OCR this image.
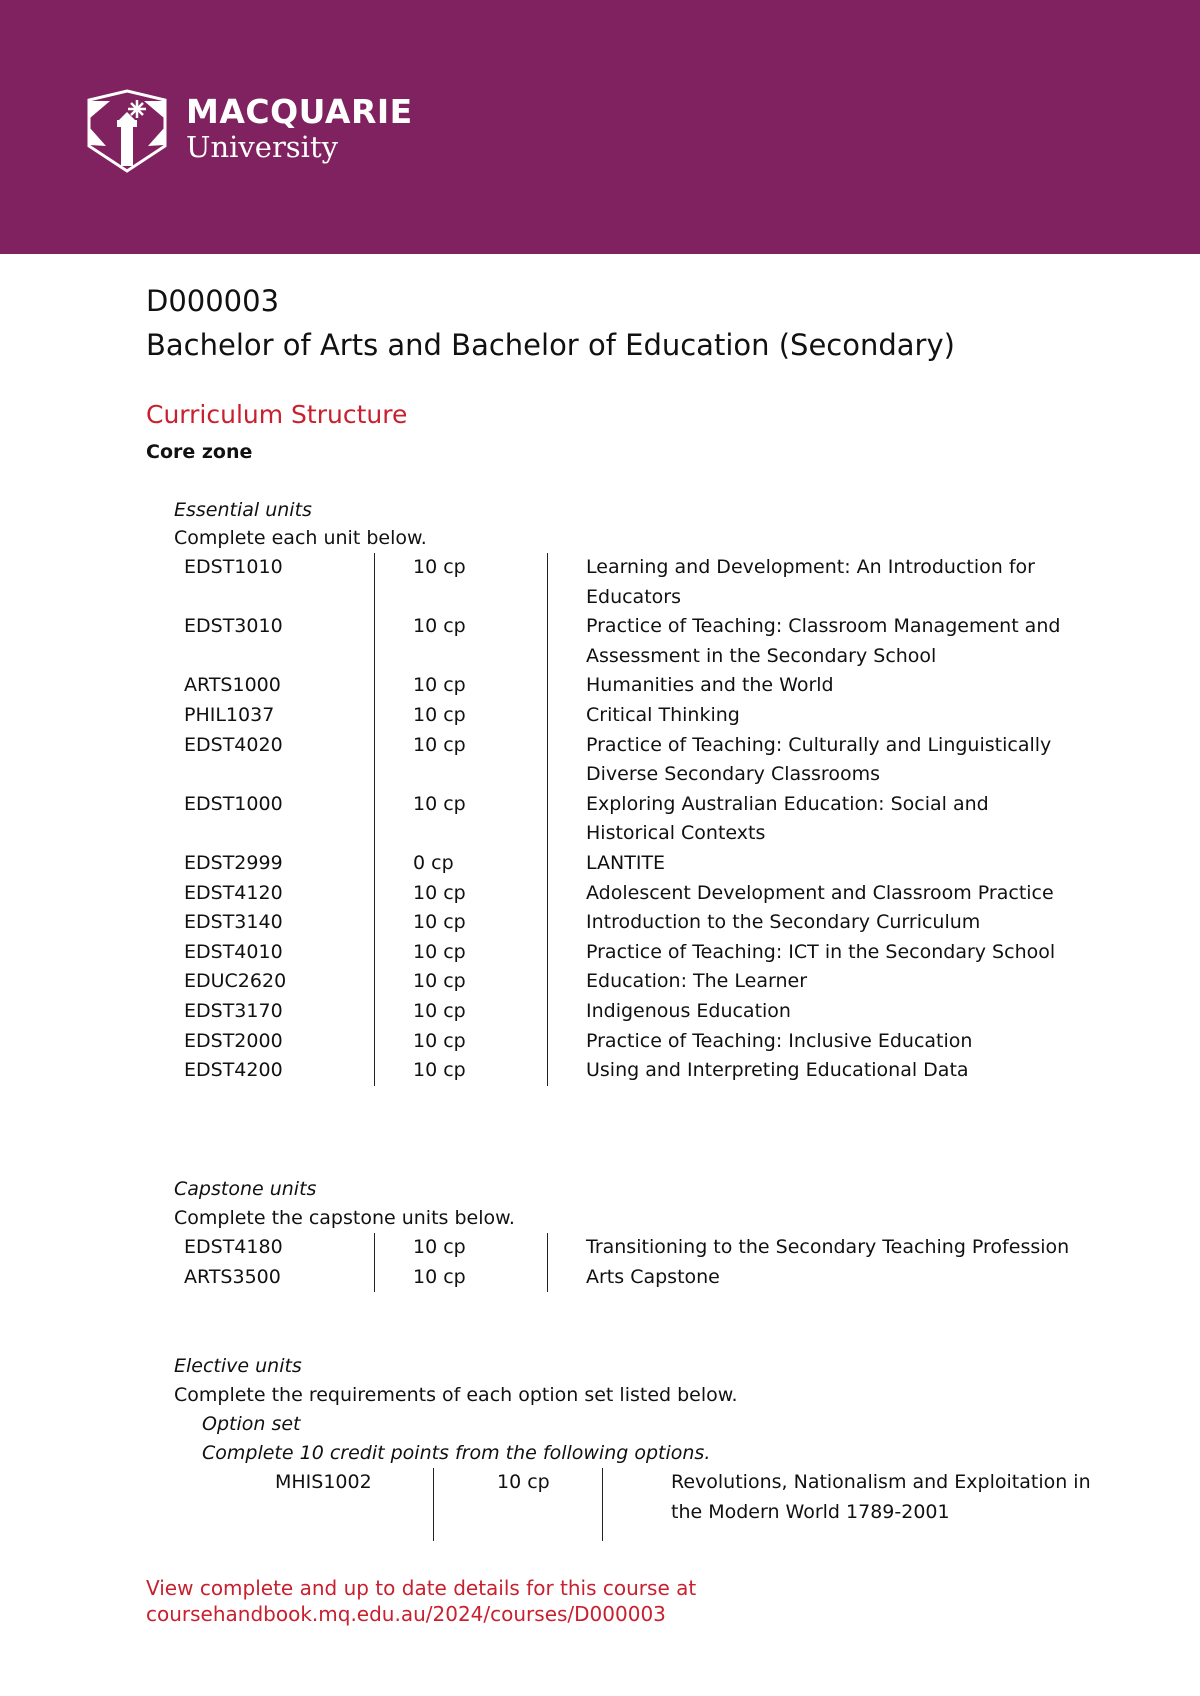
MACQUARIE
University
D000003
Bachelor of Arts and Bachelor of Education (Secondary)
Curriculum Structure
Core zone
Essential units
Complete each unit below.
EDST1010	10 cp	Learning and Development: An Introduction for Educators
EDST3010	10 cp	Practice of Teaching: Classroom Management and Assessment in the Secondary School
ARTS1000	10 cp	Humanities and the World
PHIL1037	10 cp	Critical Thinking
EDST4020	10 cp	Practice of Teaching: Culturally and Linguistically Diverse Secondary Classrooms
EDST1000	10 cp	Exploring Australian Education: Social and Historical Contexts
EDST2999	0 cp	LANTITE
EDST4120	10 cp	Adolescent Development and Classroom Practice
EDST3140	10 cp	Introduction to the Secondary Curriculum
EDST4010	10 cp	Practice of Teaching: ICT in the Secondary School
EDUC2620	10 cp	Education: The Learner
EDST3170	10 cp	Indigenous Education
EDST2000	10 cp	Practice of Teaching: Inclusive Education
EDST4200	10 cp	Using and Interpreting Educational Data
Capstone units
Complete the capstone units below.
EDST4180	10 cp	Transitioning to the Secondary Teaching Profession
ARTS3500	10 cp	Arts Capstone
Elective units
Complete the requirements of each option set listed below.
Option set
Complete 10 credit points from the following options.
MHIS1002	10 cp	Revolutions, Nationalism and Exploitation in the Modern World 1789-2001

View complete and up to date details for this course at
coursehandbook.mq.edu.au/2024/courses/D000003
